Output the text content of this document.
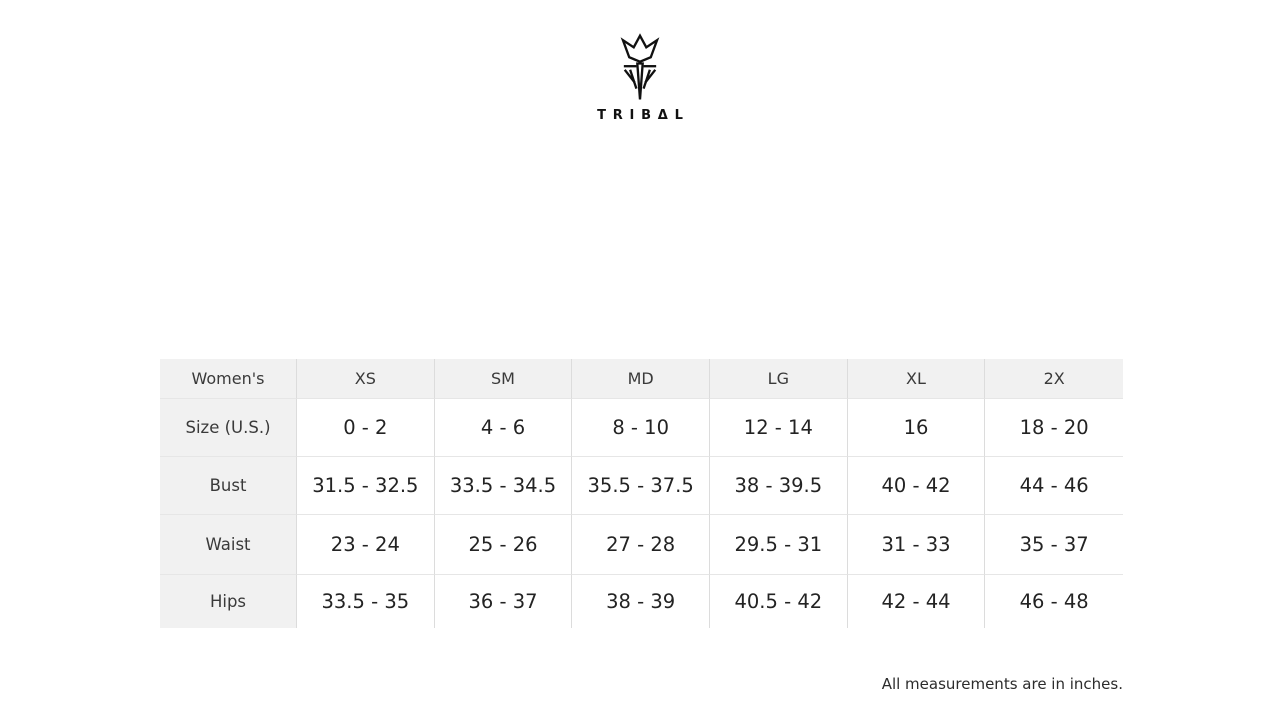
TRIBΔL
Women's	XS	SM	MD	LG	XL	2X
Size (U.S.)	0 - 2	4 - 6	8 - 10	12 - 14	16	18 - 20
Bust	31.5 - 32.5	33.5 - 34.5	35.5 - 37.5	38 - 39.5	40 - 42	44 - 46
Waist	23 - 24	25 - 26	27 - 28	29.5 - 31	31 - 33	35 - 37
Hips	33.5 - 35	36 - 37	38 - 39	40.5 - 42	42 - 44	46 - 48
All measurements are in inches.
